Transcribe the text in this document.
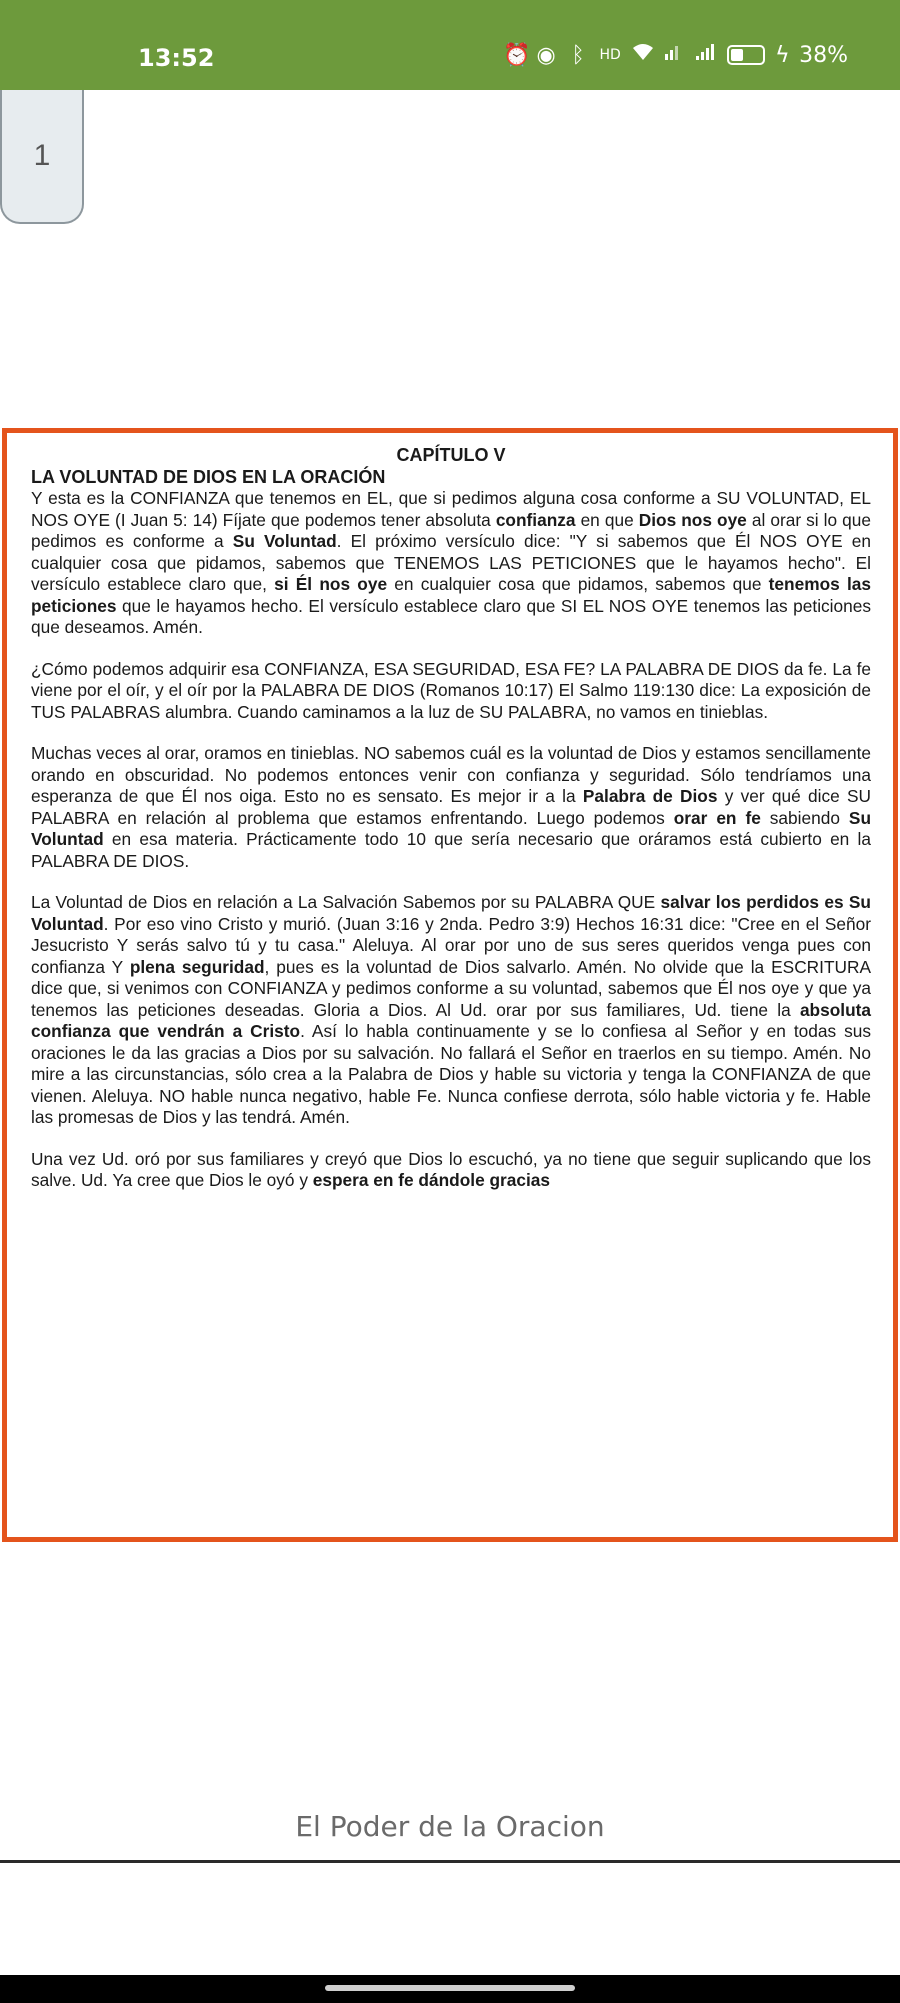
13:52	⏰ ◉ ᛒ	HD	ϟ 38%
1
CAPÍTULO V
LA VOLUNTAD DE DIOS EN LA ORACIÓN

Y esta es la CONFIANZA que tenemos en EL, que si pedimos alguna cosa conforme a SU VOLUNTAD, EL NOS OYE (I Juan 5: 14) Fíjate que podemos tener absoluta confianza en que Dios nos oye al orar si lo que pedimos es conforme a Su Voluntad. El próximo versículo dice: "Y si sabemos que Él NOS OYE en cualquier cosa que pidamos, sabemos que TENEMOS LAS PETICIONES que le hayamos hecho". El versículo establece claro que, si Él nos oye en cualquier cosa que pidamos, sabemos que tenemos las peticiones que le hayamos hecho. El versículo establece claro que SI EL NOS OYE tenemos las peticiones que deseamos. Amén.

¿Cómo podemos adquirir esa CONFIANZA, ESA SEGURIDAD, ESA FE? LA PALABRA DE DIOS da fe. La fe viene por el oír, y el oír por la PALABRA DE DIOS (Romanos 10:17) El Salmo 119:130 dice: La exposición de TUS PALABRAS alumbra. Cuando caminamos a la luz de SU PALABRA, no vamos en tinieblas.

Muchas veces al orar, oramos en tinieblas. NO sabemos cuál es la voluntad de Dios y estamos sencillamente orando en obscuridad. No podemos entonces venir con confianza y seguridad. Sólo tendríamos una esperanza de que Él nos oiga. Esto no es sensato. Es mejor ir a la Palabra de Dios y ver qué dice SU PALABRA en relación al problema que estamos enfrentando. Luego podemos orar en fe sabiendo Su Voluntad en esa materia. Prácticamente todo 10 que sería necesario que oráramos está cubierto en la PALABRA DE DIOS.

La Voluntad de Dios en relación a La Salvación Sabemos por su PALABRA QUE salvar los perdidos es Su Voluntad. Por eso vino Cristo y murió. (Juan 3:16 y 2nda. Pedro 3:9) Hechos 16:31 dice: "Cree en el Señor Jesucristo Y serás salvo tú y tu casa." Aleluya. Al orar por uno de sus seres queridos venga pues con confianza Y plena seguridad, pues es la voluntad de Dios salvarlo. Amén. No olvide que la ESCRITURA dice que, si venimos con CONFIANZA y pedimos conforme a su voluntad, sabemos que Él nos oye y que ya tenemos las peticiones deseadas. Gloria a Dios. Al Ud. orar por sus familiares, Ud. tiene la absoluta confianza que vendrán a Cristo. Así lo habla continuamente y se lo confiesa al Señor y en todas sus oraciones le da las gracias a Dios por su salvación. No fallará el Señor en traerlos en su tiempo. Amén. No mire a las circunstancias, sólo crea a la Palabra de Dios y hable su victoria y tenga la CONFIANZA de que vienen. Aleluya. NO hable nunca negativo, hable Fe. Nunca confiese derrota, sólo hable victoria y fe. Hable las promesas de Dios y las tendrá. Amén.

Una vez Ud. oró por sus familiares y creyó que Dios lo escuchó, ya no tiene que seguir suplicando que los salve. Ud. Ya cree que Dios le oyó y espera en fe dándole gracias

El Poder de la Oracion
